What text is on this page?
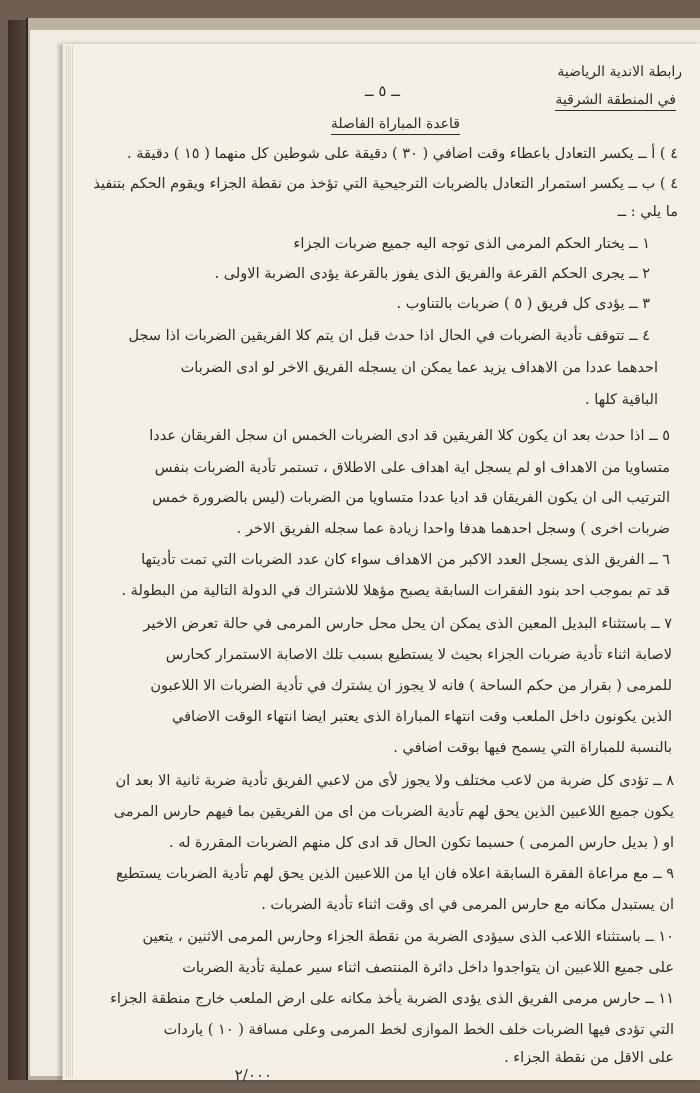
رابطة الاندية الرياضية
في المنطقة الشرقية
ــ ٥ ــ
قاعدة المباراة الفاصلة
٤ ) أ ــ يكسر التعادل باعطاء وقت اضافي ( ٣٠ ) دقيقة على شوطين كل منهما ( ١٥ ) دقيقة .
٤ ) ب ــ يكسر استمرار التعادل بالضربات الترجيحية التي تؤخذ من نقطة الجزاء ويقوم الحكم بتنفيذ
ما يلي : ــ
١ ــ يختار الحكم المرمى الذى توجه اليه جميع ضربات الجزاء
٢ ــ يجرى الحكم القرعة والفريق الذى يفوز بالقرعة يؤدى الضربة الاولى .
٣ ــ يؤدى كل فريق ( ٥ ) ضربات بالتناوب .
٤ ــ تتوقف تأدية الضربات في الحال اذا حدث قبل ان يتم كلا الفريقين الضربات اذا سجل
احدهما عددا من الاهداف يزيد عما يمكن ان يسجله الفريق الاخر لو ادى الضربات
الباقية كلها .
٥ ــ اذا حدث بعد ان يكون كلا الفريقين قد ادى الضربات الخمس ان سجل الفريقان عددا
متساويا من الاهداف او لم يسجل اية اهداف على الاطلاق ، تستمر تأدية الضربات بنفس
الترتيب الى ان يكون الفريقان قد اديا عددا متساويا من الضربات (ليس بالضرورة خمس
ضربات اخرى ) وسجل احدهما هدفا واحدا زيادة عما سجله الفريق الاخر .
٦ ــ الفريق الذى يسجل العدد الاكبر من الاهداف سواء كان عدد الضربات التي تمت تأديتها
قد تم بموجب احد بنود الفقرات السابقة يصبح مؤهلا للاشتراك في الدولة التالية من البطولة .
٧ ــ باستثناء البديل المعين الذى يمكن ان يحل محل حارس المرمى في حالة تعرض الاخير
لاصابة اثناء تأدية ضربات الجزاء بحيث لا يستطيع بسبب تلك الاصابة الاستمرار كحارس
للمرمى ( بقرار من حكم الساحة ) فانه لا يجوز ان يشترك في تأدية الضربات الا اللاعبون
الذين يكونون داخل الملعب وقت انتهاء المباراة الذى يعتبر ايضا انتهاء الوقت الاضافي
بالنسبة للمباراة التي يسمح فيها بوقت اضافي .
٨ ــ تؤدى كل ضربة من لاعب مختلف ولا يجوز لأى من لاعبي الفريق تأدية ضربة ثانية الا بعد ان
يكون جميع اللاعبين الذين يحق لهم تأدية الضربات من اى من الفريقين بما فيهم حارس المرمى
او ( بديل حارس المرمى ) حسبما تكون الحال قد ادى كل منهم الضربات المقررة له .
٩ ــ مع مراعاة الفقرة السابقة اعلاه فان ايا من اللاعبين الذين يحق لهم تأدية الضربات يستطيع
ان يستبدل مكانه مع حارس المرمى في اى وقت اثناء تأدية الضربات .
١٠ ــ باستثناء اللاعب الذى سيؤدى الضربة من نقطة الجزاء وحارس المرمى الاثنين ، يتعين
على جميع اللاعبين ان يتواجدوا داخل دائرة المنتصف اثناء سير عملية تأدية الضربات
١١ ــ حارس مرمى الفريق الذى يؤدى الضربة يأخذ مكانه على ارض الملعب خارج منطقة الجزاء
التي تؤدى فيها الضربات خلف الخط الموازى لخط المرمى وعلى مسافة ( ١٠ ) ياردات
على الاقل من نقطة الجزاء .
٢/٠٠٠
